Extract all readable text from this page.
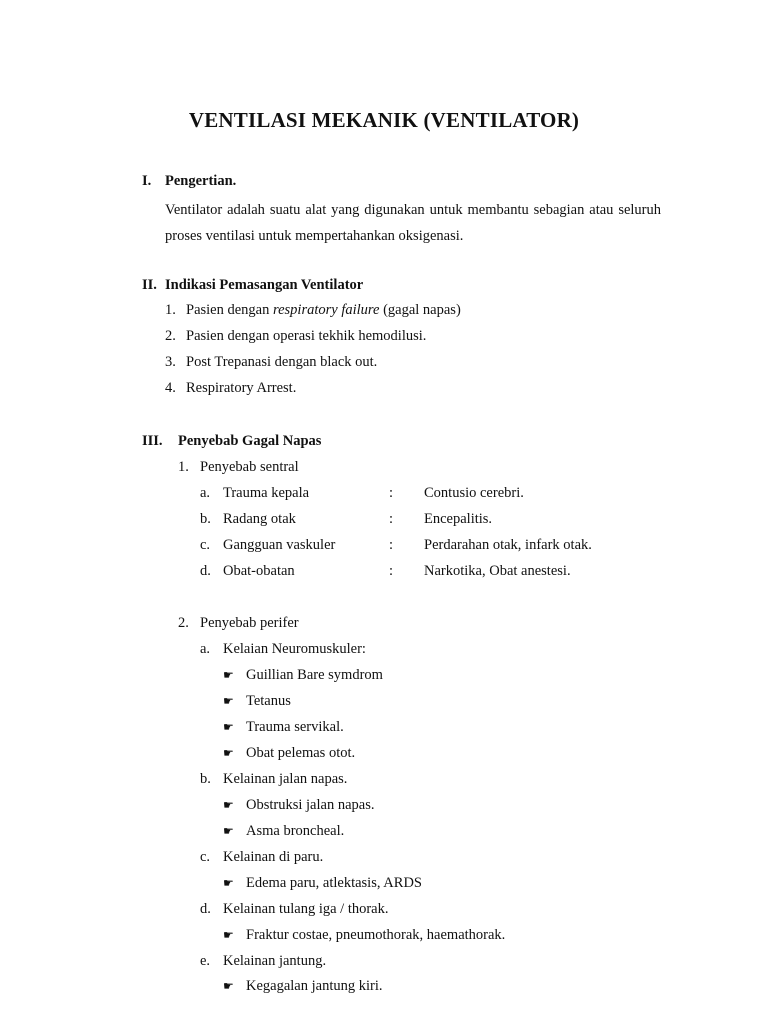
VENTILASI MEKANIK (VENTILATOR)
I. Pengertian.
Ventilator adalah suatu alat yang digunakan untuk membantu sebagian atau seluruh proses ventilasi untuk mempertahankan oksigenasi.
II. Indikasi Pemasangan Ventilator
1. Pasien dengan respiratory failure (gagal napas)
2. Pasien dengan operasi tekhik hemodilusi.
3. Post Trepanasi dengan black out.
4. Respiratory Arrest.
III. Penyebab Gagal Napas
1. Penyebab sentral
a. Trauma kepala	: Contusio cerebri.
b. Radang otak	: Encepalitis.
c. Gangguan vaskuler	: Perdarahan otak, infark otak.
d. Obat-obatan	: Narkotika, Obat anestesi.
2. Penyebab perifer
a. Kelaian Neuromuskuler:
☛ Guillian Bare symdrom
☛ Tetanus
☛ Trauma servikal.
☛ Obat pelemas otot.
b. Kelainan jalan napas.
☛ Obstruksi jalan napas.
☛ Asma broncheal.
c. Kelainan di paru.
☛ Edema paru, atlektasis, ARDS
d. Kelainan tulang iga / thorak.
☛ Fraktur costae, pneumothorak, haemathorak.
e. Kelainan jantung.
☛ Kegagalan jantung kiri.
